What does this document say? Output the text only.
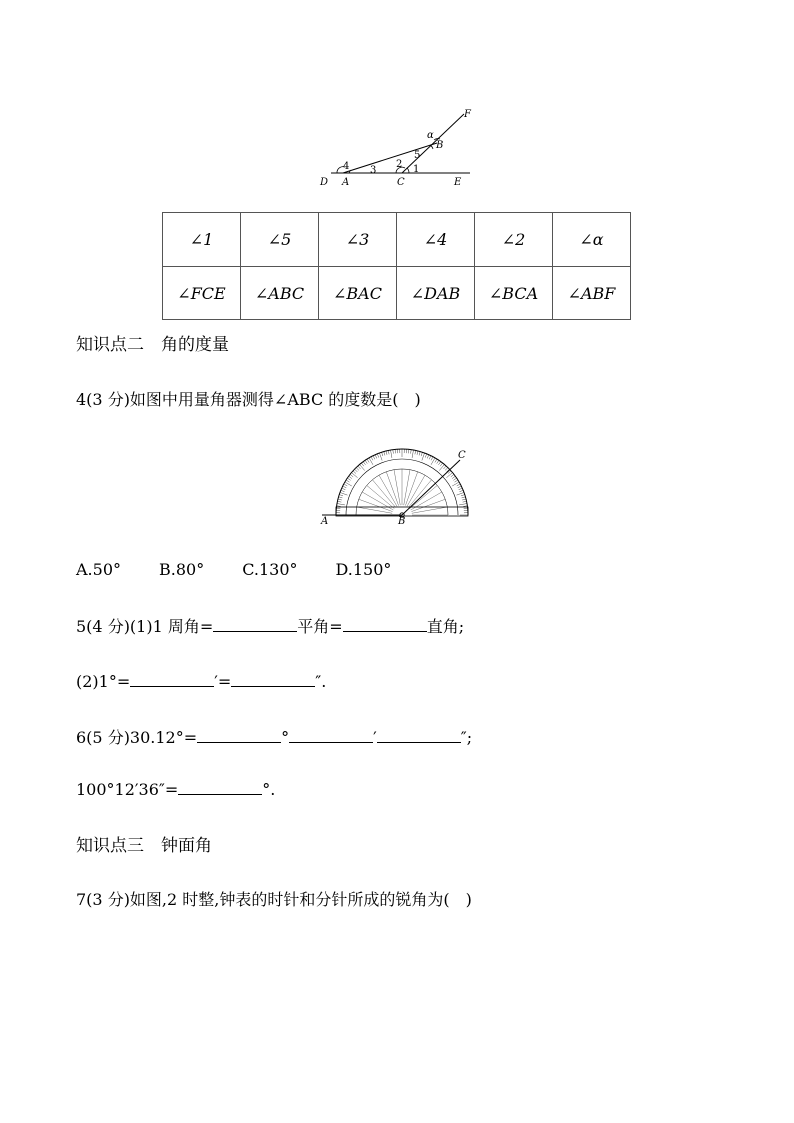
D A	C	E
B
F
4 3
2 1
5
α
∠1	∠5	∠3	∠4	∠2	∠α
∠FCE	∠ABC	∠BAC	∠DAB	∠BCA	∠ABF
知识点二　角的度量
4(3 分)如图中用量角器测得∠ABC 的度数是(　)
A	B
C
A.50° B.80° C.130° D.150°
5(4 分)(1)1 周角=	平角=	直角;
(2)1°=	′=	″.
6(5 分)30.12°=	°	′	″;
100°12′36″=	°.
知识点三　钟面角
7(3 分)如图,2 时整,钟表的时针和分针所成的锐角为(　)
